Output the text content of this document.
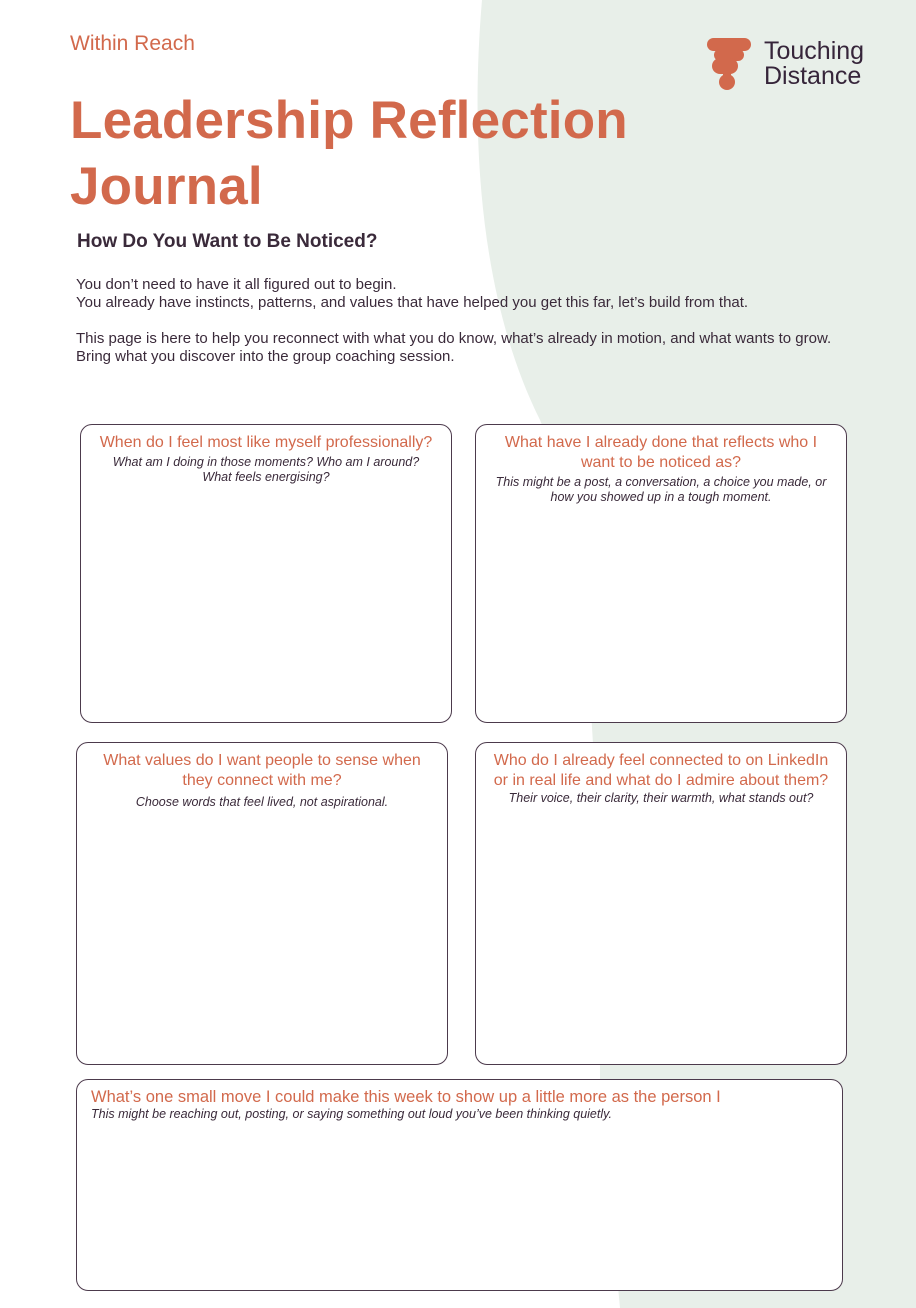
Within Reach
Leadership Reflection
Journal
Touching
Distance
How Do You Want to Be Noticed?

You don’t need to have it all figured out to begin.
You already have instincts, patterns, and values that have helped you get this far, let’s build from that.

This page is here to help you reconnect with what you do know, what’s already in motion, and what wants to grow. Bring what you discover into the group coaching session.

When do I feel most like myself professionally?
What am I doing in those moments? Who am I around? What feels energising?
What have I already done that reflects who I want to be noticed as?
This might be a post, a conversation, a choice you made, or how you showed up in a tough moment.
What values do I want people to sense when they connect with me?
Choose words that feel lived, not aspirational.
Who do I already feel connected to on LinkedIn or in real life and what do I admire about them?
Their voice, their clarity, their warmth, what stands out?
What’s one small move I could make this week to show up a little more as the person I
This might be reaching out, posting, or saying something out loud you’ve been thinking quietly.
